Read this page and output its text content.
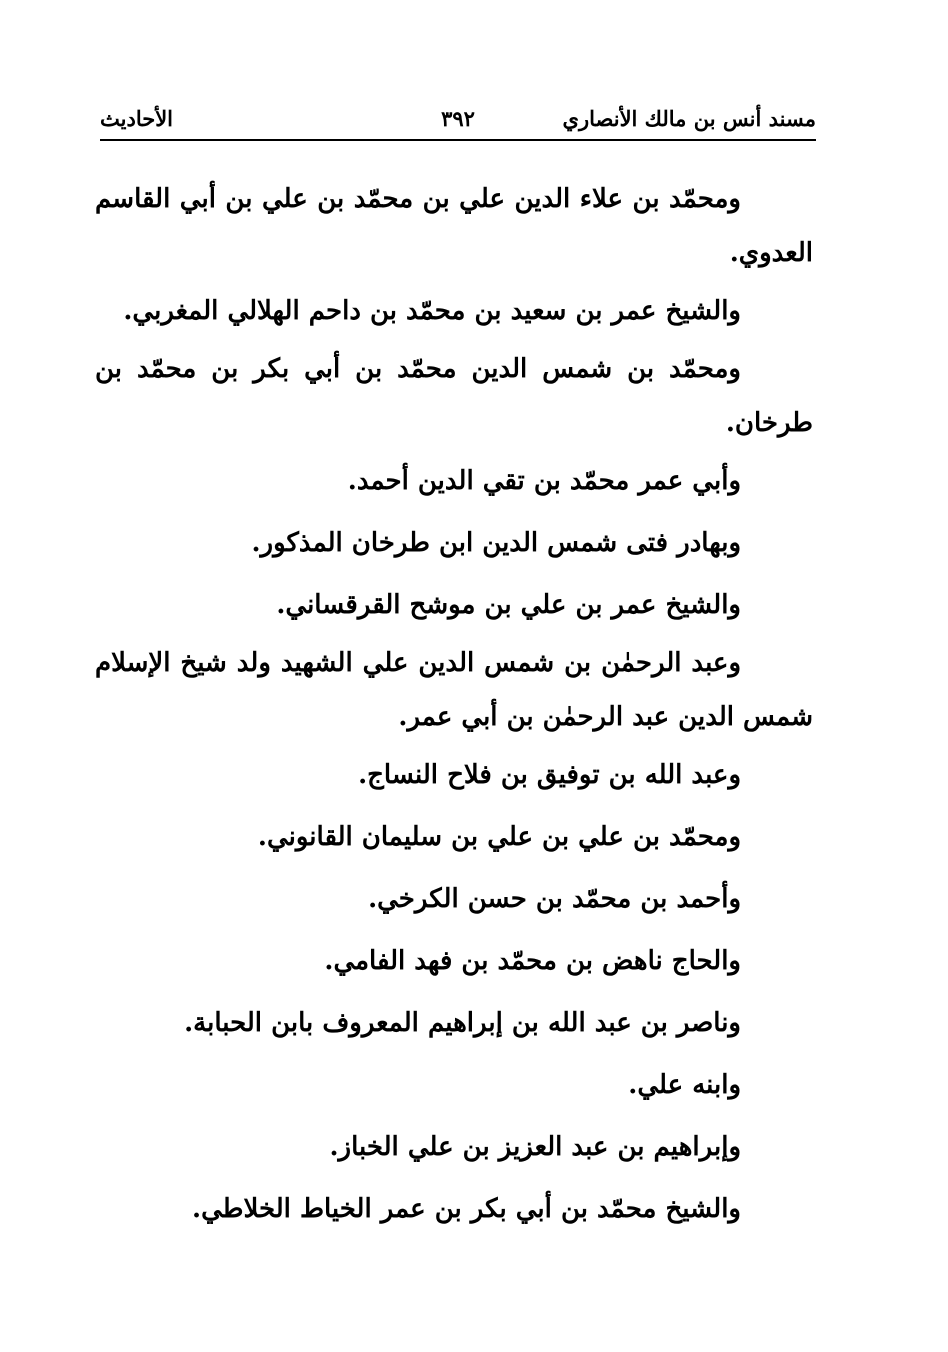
مسند أنس بن مالك الأنصاري
٣٩٢
الأحاديث

ومحمّد بن علاء الدين علي بن محمّد بن علي بن أبي القاسم العدوي.

والشيخ عمر بن سعيد بن محمّد بن داحم الهلالي المغربي.

ومحمّد بن شمس الدين محمّد بن أبي بكر بن محمّد بن طرخان.

وأبي عمر محمّد بن تقي الدين أحمد.

وبهادر فتى شمس الدين ابن طرخان المذكور.

والشيخ عمر بن علي بن موشح القرقساني.

وعبد الرحمٰن بن شمس الدين علي الشهيد ولد شيخ الإسلام شمس الدين عبد الرحمٰن بن أبي عمر.

وعبد الله بن توفيق بن فلاح النساج.

ومحمّد بن علي بن علي بن سليمان القانوني.

وأحمد بن محمّد بن حسن الكرخي.

والحاج ناهض بن محمّد بن فهد الفامي.

وناصر بن عبد الله بن إبراهيم المعروف بابن الحبابة.

وابنه علي.

وإبراهيم بن عبد العزيز بن علي الخباز.

والشيخ محمّد بن أبي بكر بن عمر الخياط الخلاطي.
